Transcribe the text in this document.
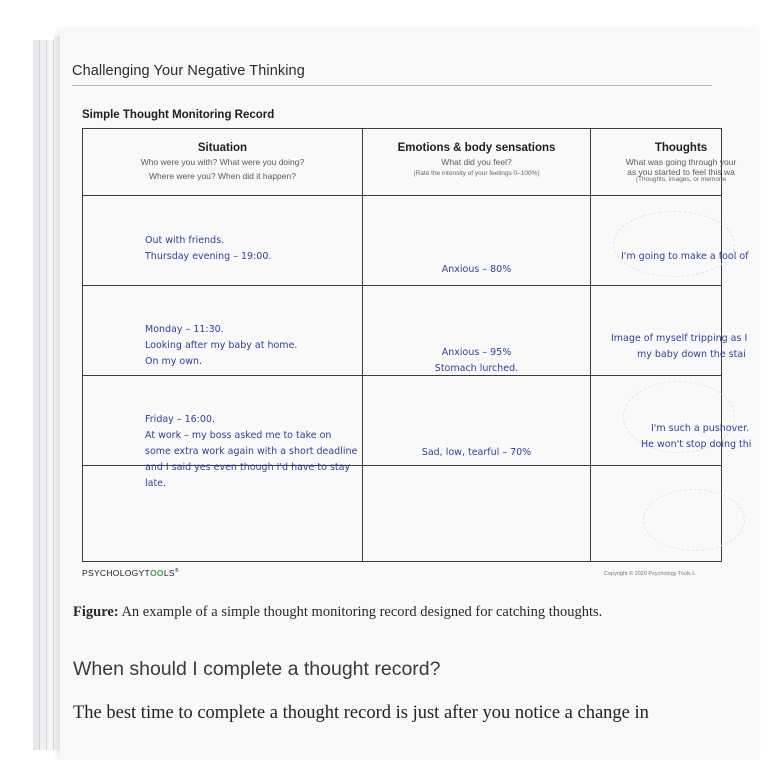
Challenging Your Negative Thinking
Simple Thought Monitoring Record
Situation
Who were you with? What were you doing?
Where were you? When did it happen?
Emotions & body sensations
What did you feel?
(Rate the intensity of your feelings 0–100%)
Thoughts
What was going through your
as you started to feel this wa
(Thoughts, images, or memorie
Out with friends.
Thursday evening – 19:00.
Anxious – 80%
I'm going to make a fool of
Monday – 11:30.
Looking after my baby at home.
On my own.
Anxious – 95%
Stomach lurched.
Image of myself tripping as I
my baby down the stai
Friday – 16:00.
At work – my boss asked me to take on
some extra work again with a short deadline
and I said yes even though I'd have to stay
late.
Sad, low, tearful – 70%
I'm such a pushover.
He won't stop doing thi
PSYCHOLOGYTOOLS®	Copyright © 2020 Psychology Tools L
Figure: An example of a simple thought monitoring record designed for catching thoughts.
When should I complete a thought record?
The best time to complete a thought record is just after you notice a change in
